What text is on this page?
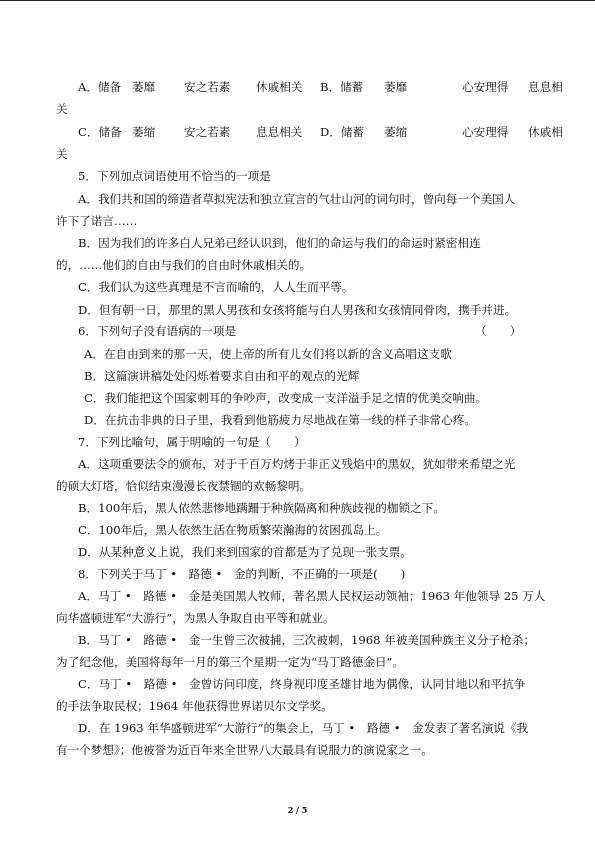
A．储备 萎靡	安之若素	休戚相关	B．储蓄	萎靡	心安理得	息息相
关
C．储备 萎缩	安之若素	息息相关	D．储蓄	萎缩	心安理得	休戚相
关
5．下列加点词语使用不恰当的一项是
A．我们共和国的缔造者草拟宪法和独立宣言的气壮山河的词句时，曾向每一个美国人
许下了诺言……
B．因为我们的许多白人兄弟已经认识到，他们的命运与我们的命运时紧密相连
的，……他们的自由与我们的自由时休戚相关的。
C．我们认为这些真理是不言而喻的，人人生而平等。
D．但有朝一日，那里的黑人男孩和女孩将能与白人男孩和女孩情同骨肉，携手并进。
6．下列句子没有语病的一项是	（　　）
A．在自由到来的那一天，使上帝的所有儿女们将以新的含义高唱这支歌
B．这篇演讲稿处处闪烁着要求自由和平的观点的光辉
C．我们能把这个国家刺耳的争吵声，改变成一支洋溢手足之情的优美交响曲。
D．在抗击非典的日子里，我看到他筋疲力尽地战在第一线的样子非常心疼。
7．下列比喻句，属于明喻的一句是（　　）
A．这项重要法令的颁布，对于千百万灼烤于非正义残焰中的黑奴，犹如带来希望之光
的硕大灯塔，恰似结束漫漫长夜禁锢的欢畅黎明。
B．100年后，黑人依然悲惨地蹒跚于种族隔离和种族歧视的枷锁之下。
C．100年后，黑人依然生活在物质繁荣瀚海的贫困孤岛上。
D．从某种意义上说，我们来到国家的首都是为了兑现一张支票。
8．下列关于马丁 •　路德 •　金的判断，不正确的一项是(　　)
A．马丁 •　路德 •　金是美国黑人牧师，著名黑人民权运动领袖；1963 年他领导 25 万人
向华盛顿进军“大游行”，为黑人争取自由平等和就业。
B．马丁 •　路德 •　金一生曾三次被捕，三次被刺，1968 年被美国种族主义分子枪杀；
为了纪念他，美国将每年一月的第三个星期一定为“马丁路德金日”。
C．马丁 •　路德 •　金曾访问印度，终身视印度圣雄甘地为偶像，认同甘地以和平抗争
的手法争取民权；1964 年他获得世界诺贝尔文学奖。
D．在 1963 年华盛顿进军“大游行”的集会上，马丁 •　路德 •　金发表了著名演说《我
有一个梦想》；他被誉为近百年来全世界八大最具有说服力的演说家之一。
2 / 5
